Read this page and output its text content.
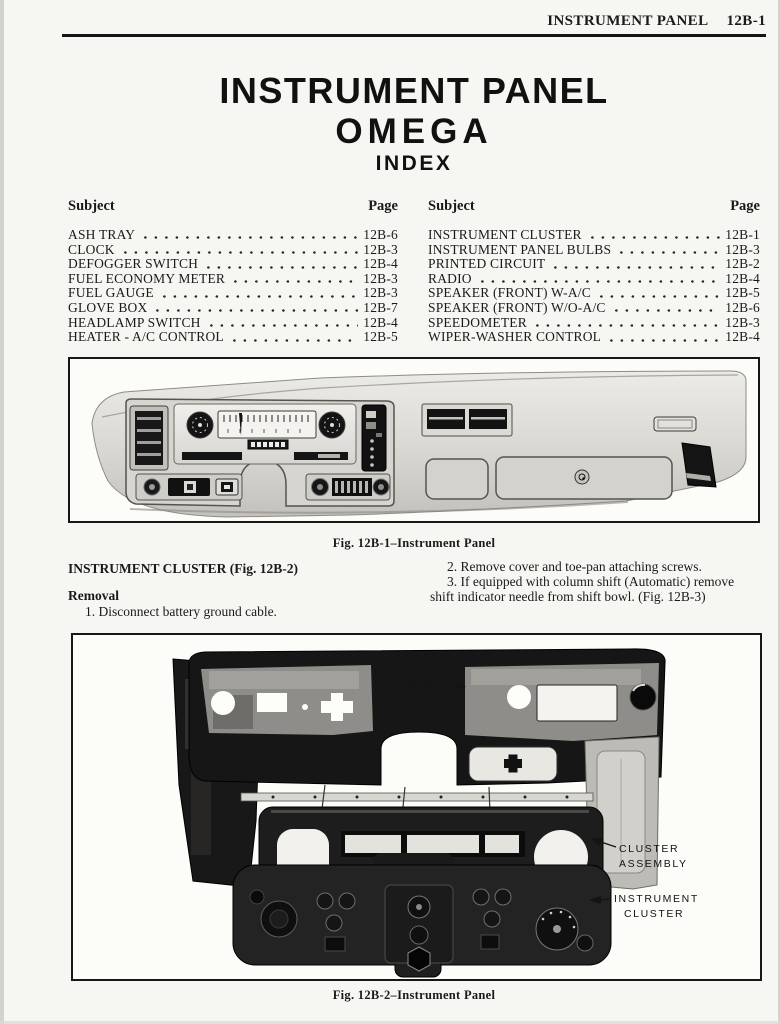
INSTRUMENT PANEL 12B-1
INSTRUMENT PANEL
OMEGA
INDEX
Subject	Page
ASH TRAY	12B-6
CLOCK	12B-3
DEFOGGER SWITCH	12B-4
FUEL ECONOMY METER	12B-3
FUEL GAUGE	12B-3
GLOVE BOX	12B-7
HEADLAMP SWITCH	12B-4
HEATER - A/C CONTROL	12B-5
Subject	Page
INSTRUMENT CLUSTER	12B-1
INSTRUMENT PANEL BULBS	12B-3
PRINTED CIRCUIT	12B-2
RADIO	12B-4
SPEAKER (FRONT) W-A/C	12B-5
SPEAKER (FRONT) W/O-A/C	12B-6
SPEEDOMETER	12B-3
WIPER-WASHER CONTROL	12B-4
Fig. 12B-1–Instrument Panel

INSTRUMENT CLUSTER (Fig. 12B-2)

Removal

1. Disconnect battery ground cable.

2. Remove cover and toe-pan attaching screws.

3. If equipped with column shift (Automatic) remove shift indicator needle from shift bowl. (Fig. 12B-3)

CARRIER
CLUSTER
ASSEMBLY
INSTRUMENT
CLUSTER
Fig. 12B-2–Instrument Panel
